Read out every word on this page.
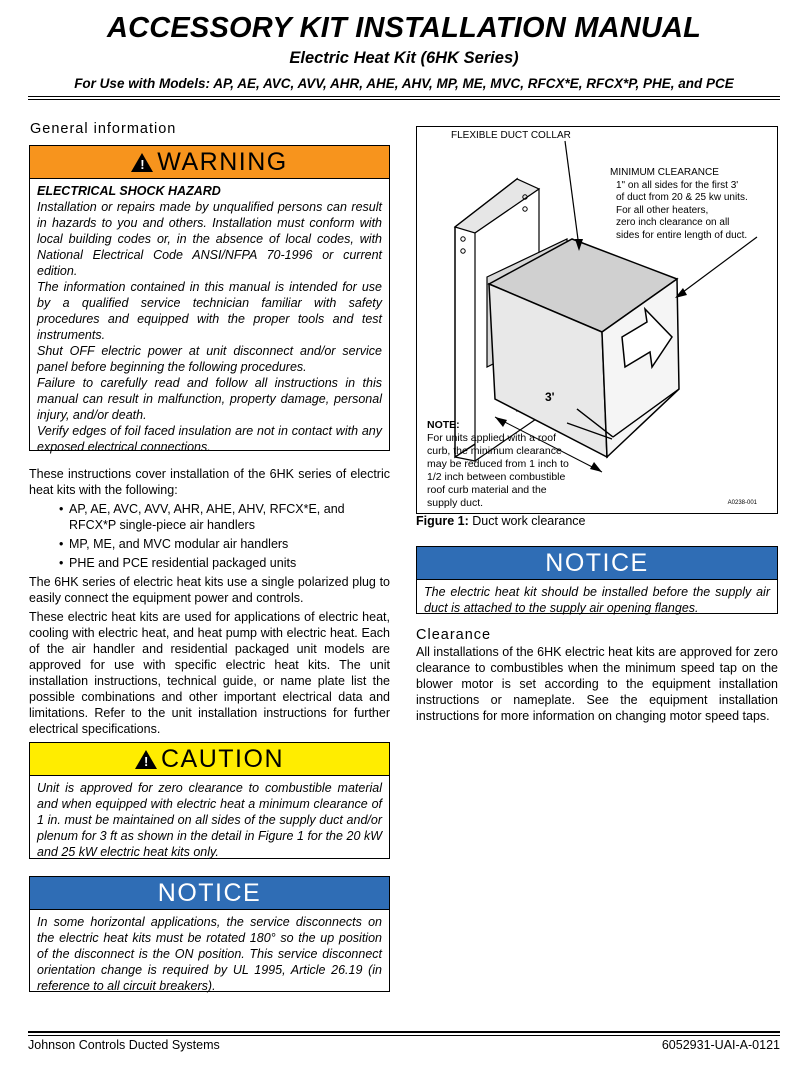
ACCESSORY KIT INSTALLATION MANUAL
Electric Heat Kit (6HK Series)
For Use with Models: AP, AE, AVC, AVV, AHR, AHE, AHV, MP, ME, MVC, RFCX*E, RFCX*P, PHE, and PCE
General information
! WARNING

ELECTRICAL SHOCK HAZARD

Installation or repairs made by unqualified persons can result in hazards to you and others. Installation must conform with local building codes or, in the absence of local codes, with National Electrical Code ANSI/NFPA 70-1996 or current edition.

The information contained in this manual is intended for use by a qualified service technician familiar with safety procedures and equipped with the proper tools and test instruments.

Shut OFF electric power at unit disconnect and/or service panel before beginning the following procedures.

Failure to carefully read and follow all instructions in this manual can result in malfunction, property damage, personal injury, and/or death.

Verify edges of foil faced insulation are not in contact with any exposed electrical connections.

These instructions cover installation of the 6HK series of electric heat kits with the following:

• AP, AE, AVC, AVV, AHR, AHE, AHV, RFCX*E, and RFCX*P single-piece air handlers
• MP, ME, and MVC modular air handlers
• PHE and PCE residential packaged units

The 6HK series of electric heat kits use a single polarized plug to easily connect the equipment power and controls.

These electric heat kits are used for applications of electric heat, cooling with electric heat, and heat pump with electric heat. Each of the air handler and residential packaged unit models are approved for use with specific electric heat kits. The unit installation instructions, technical guide, or name plate list the possible combinations and other important electrical data and limitations. Refer to the unit installation instructions for further electrical specifications.

! CAUTION

Unit is approved for zero clearance to combustible material and when equipped with electric heat a minimum clearance of 1 in. must be maintained on all sides of the supply duct and/or plenum for 3 ft as shown in the detail in Figure 1 for the 20 kW and 25 kW electric heat kits only.

NOTICE

In some horizontal applications, the service disconnects on the electric heat kits must be rotated 180° so the up position of the disconnect is the ON position. This service disconnect orientation change is required by UL 1995, Article 26.19 (in reference to all circuit breakers).

FLEXIBLE DUCT COLLAR
MINIMUM CLEARANCE
1" on all sides for the first 3'
of duct from 20 & 25 kw units.
For all other heaters,
zero inch clearance on all
sides for entire length of duct.
3'
NOTE:
For units applied with a roof
curb, the minimum clearance
may be reduced from 1 inch to
1/2 inch between combustible
roof curb material and the
supply duct.	A0238-001
Figure 1: Duct work clearance
NOTICE

The electric heat kit should be installed before the supply air duct is attached to the supply air opening flanges.

Clearance

All installations of the 6HK electric heat kits are approved for zero clearance to combustibles when the minimum speed tap on the blower motor is set according to the equipment installation instructions or nameplate. See the equipment installation instructions for more information on changing motor speed taps.

Johnson Controls Ducted Systems	6052931-UAI-A-0121
